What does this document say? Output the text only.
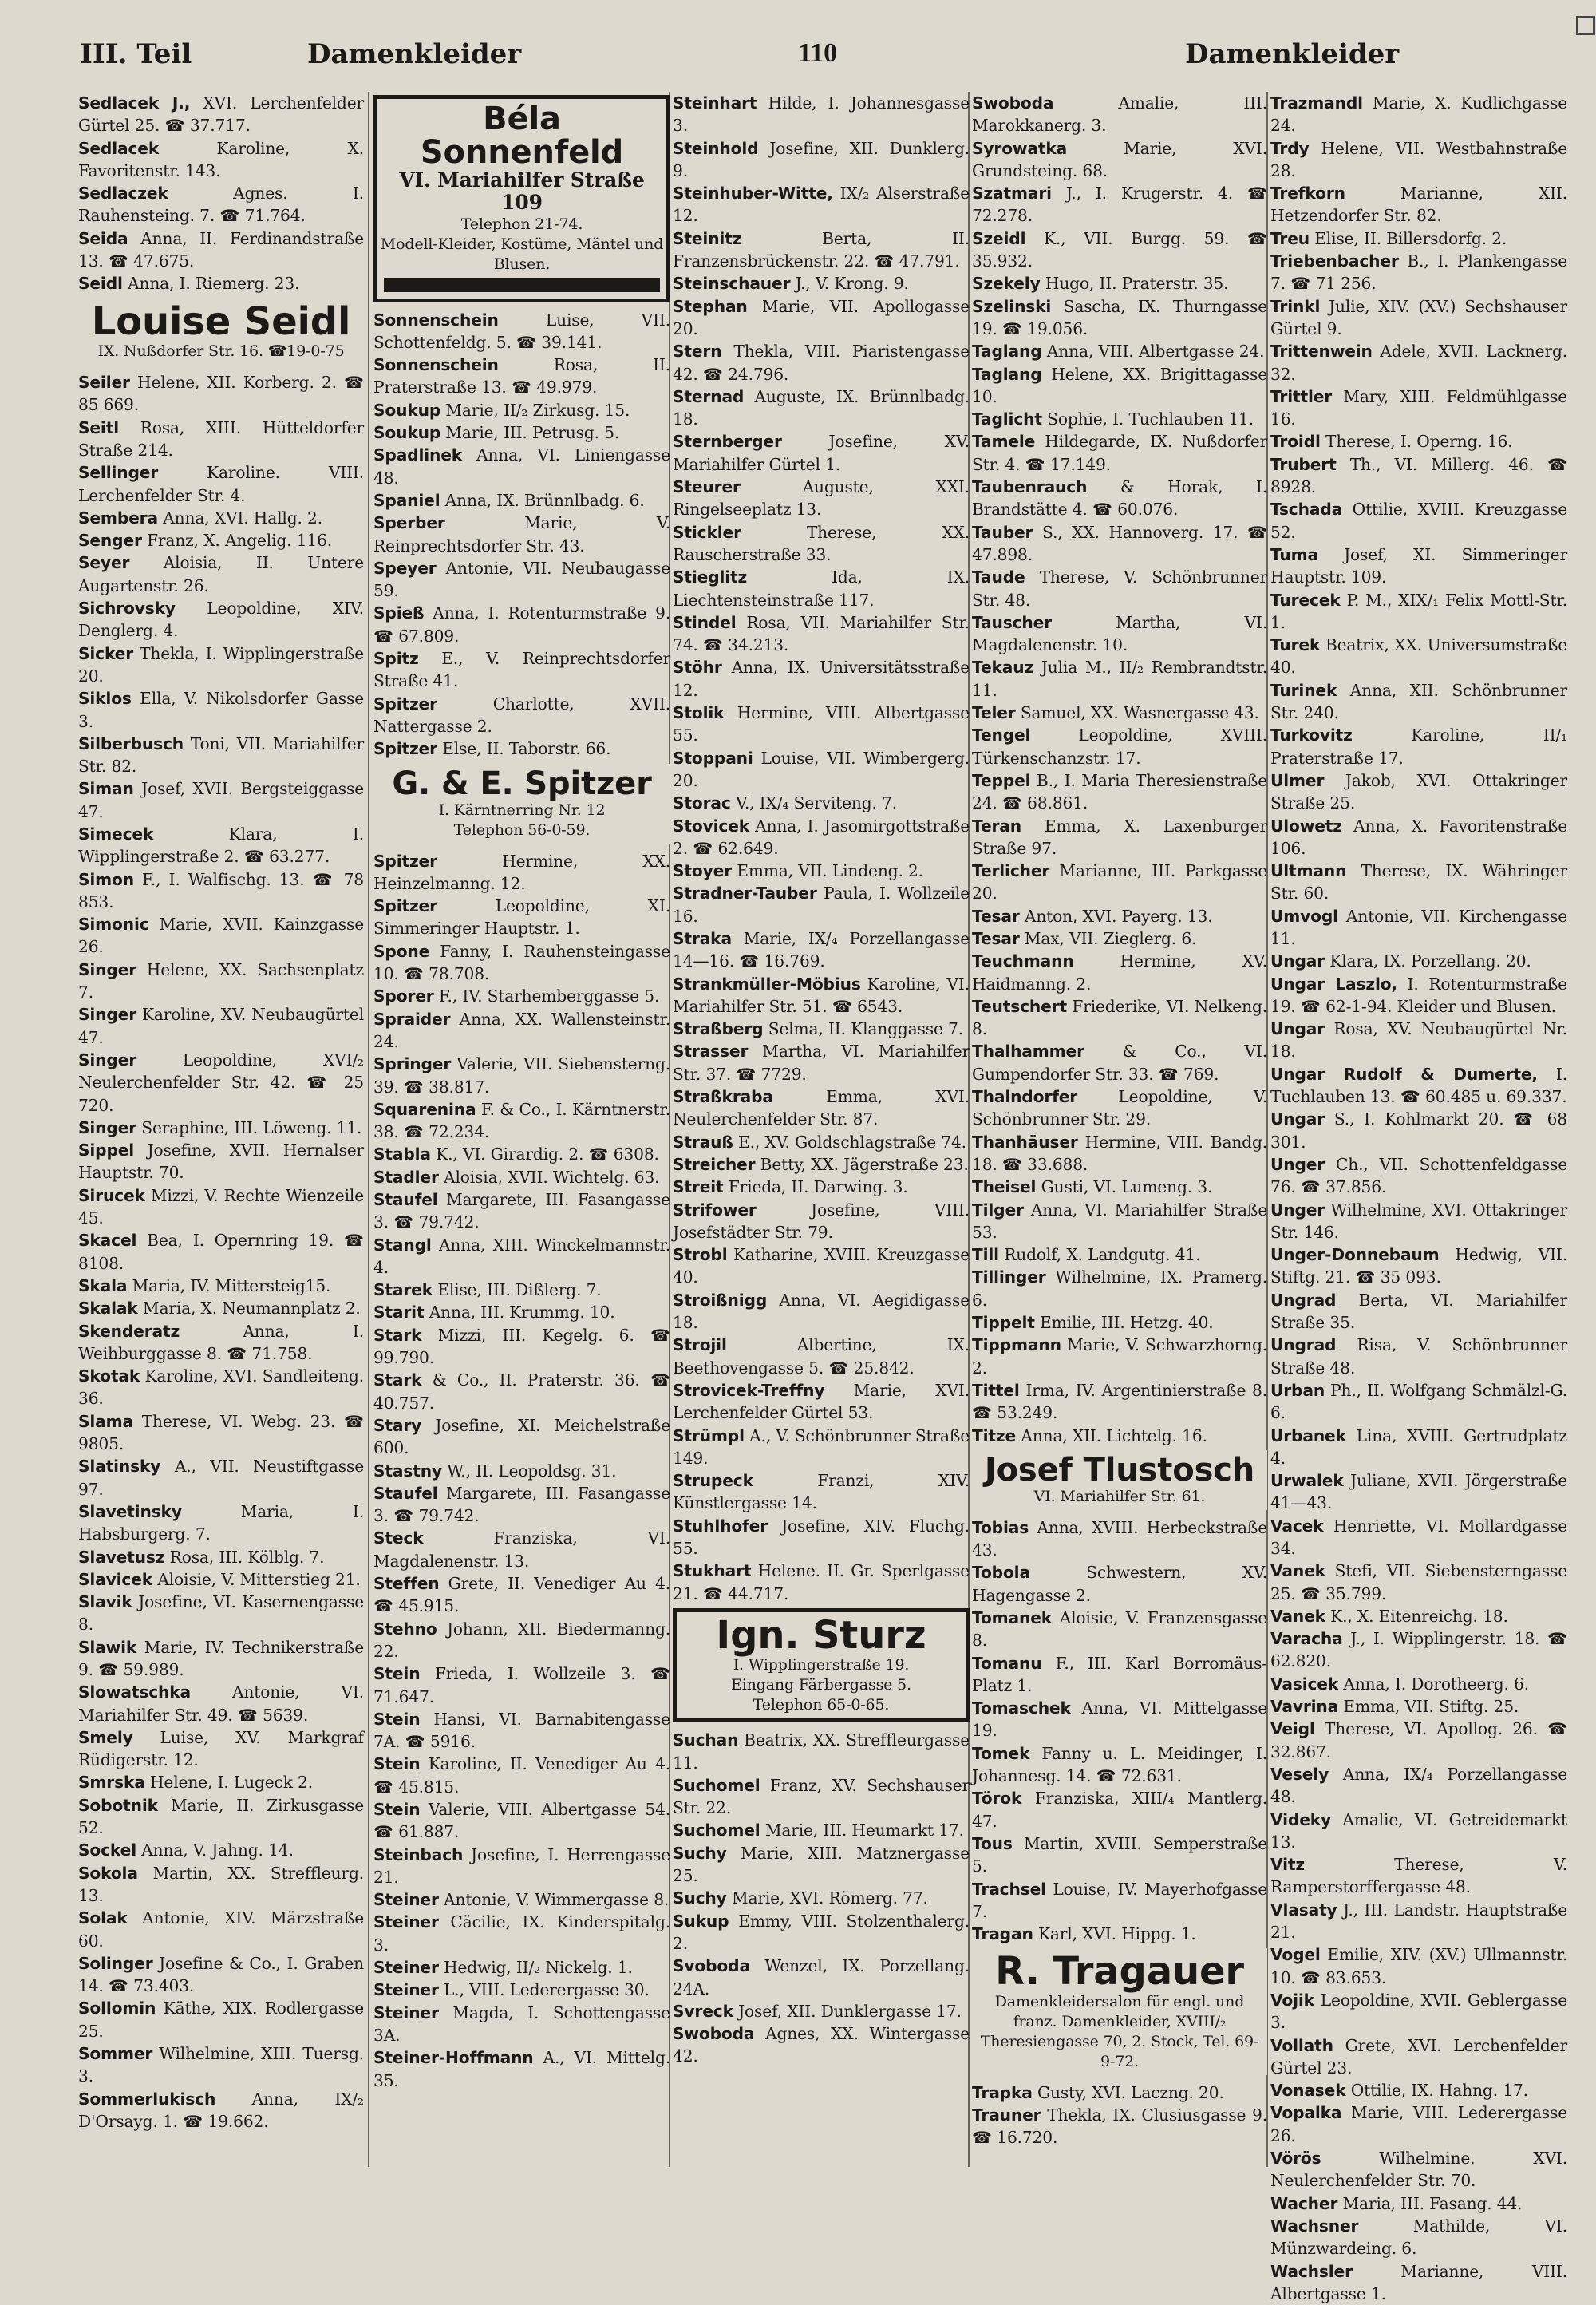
III. Teil	Damenkleider	110	Damenkleider

Sedlacek J., XVI. Lerchenfelder Gürtel 25. ☎ 37.717.

Sedlacek Karoline, X. Favoritenstr. 143.

Sedlaczek Agnes. I. Rauhensteing. 7. ☎ 71.764.

Seida Anna, II. Ferdinandstraße 13. ☎ 47.675.

Seidl Anna, I. Riemerg. 23.

Louise Seidl
IX. Nußdorfer Str. 16. ☎19-0-75

Seiler Helene, XII. Korberg. 2. ☎ 85 669.

Seitl Rosa, XIII. Hütteldorfer Straße 214.

Sellinger Karoline. VIII. Lerchenfelder Str. 4.

Sembera Anna, XVI. Hallg. 2.

Senger Franz, X. Angelig. 116.

Seyer Aloisia, II. Untere Augartenstr. 26.

Sichrovsky Leopoldine, XIV. Denglerg. 4.

Sicker Thekla, I. Wipplingerstraße 20.

Siklos Ella, V. Nikolsdorfer Gasse 3.

Silberbusch Toni, VII. Mariahilfer Str. 82.

Siman Josef, XVII. Bergsteiggasse 47.

Simecek Klara, I. Wipplingerstraße 2. ☎ 63.277.

Simon F., I. Walfischg. 13. ☎ 78 853.

Simonic Marie, XVII. Kainzgasse 26.

Singer Helene, XX. Sachsenplatz 7.

Singer Karoline, XV. Neubaugürtel 47.

Singer Leopoldine, XVI/₂ Neulerchenfelder Str. 42. ☎ 25 720.

Singer Seraphine, III. Löweng. 11.

Sippel Josefine, XVII. Hernalser Hauptstr. 70.

Sirucek Mizzi, V. Rechte Wienzeile 45.

Skacel Bea, I. Opernring 19. ☎ 8108.

Skala Maria, IV. Mittersteig15.

Skalak Maria, X. Neumannplatz 2.

Skenderatz Anna, I. Weihburggasse 8. ☎ 71.758.

Skotak Karoline, XVI. Sandleiteng. 36.

Slama Therese, VI. Webg. 23. ☎ 9805.

Slatinsky A., VII. Neustiftgasse 97.

Slavetinsky Maria, I. Habsburgerg. 7.

Slavetusz Rosa, III. Kölblg. 7.

Slavicek Aloisie, V. Mitterstieg 21.

Slavik Josefine, VI. Kasernengasse 8.

Slawik Marie, IV. Technikerstraße 9. ☎ 59.989.

Slowatschka Antonie, VI. Mariahilfer Str. 49. ☎ 5639.

Smely Luise, XV. Markgraf Rüdigerstr. 12.

Smrska Helene, I. Lugeck 2.

Sobotnik Marie, II. Zirkusgasse 52.

Sockel Anna, V. Jahng. 14.

Sokola Martin, XX. Streffleurg. 13.

Solak Antonie, XIV. Märzstraße 60.

Solinger Josefine & Co., I. Graben 14. ☎ 73.403.

Sollomin Käthe, XIX. Rodlergasse 25.

Sommer Wilhelmine, XIII. Tuersg. 3.

Sommerlukisch Anna, IX/₂ D'Orsayg. 1. ☎ 19.662.

Béla Sonnenfeld
VI. Mariahilfer Straße 109
Telephon 21-74.
Modell-Kleider, Kostüme, Mäntel und Blusen.

Sonnenschein Luise, VII. Schottenfeldg. 5. ☎ 39.141.

Sonnenschein Rosa, II. Praterstraße 13. ☎ 49.979.

Soukup Marie, II/₂ Zirkusg. 15.

Soukup Marie, III. Petrusg. 5.

Spadlinek Anna, VI. Liniengasse 48.

Spaniel Anna, IX. Brünnlbadg. 6.

Sperber Marie, V. Reinprechtsdorfer Str. 43.

Speyer Antonie, VII. Neubaugasse 59.

Spieß Anna, I. Rotenturmstraße 9. ☎ 67.809.

Spitz E., V. Reinprechtsdorfer Straße 41.

Spitzer Charlotte, XVII. Nattergasse 2.

Spitzer Else, II. Taborstr. 66.

G. & E. Spitzer
I. Kärntnerring Nr. 12
Telephon 56-0-59.

Spitzer Hermine, XX. Heinzelmanng. 12.

Spitzer Leopoldine, XI. Simmeringer Hauptstr. 1.

Spone Fanny, I. Rauhensteingasse 10. ☎ 78.708.

Sporer F., IV. Starhemberggasse 5.

Spraider Anna, XX. Wallensteinstr. 24.

Springer Valerie, VII. Siebensterng. 39. ☎ 38.817.

Squarenina F. & Co., I. Kärntnerstr. 38. ☎ 72.234.

Stabla K., VI. Girardig. 2. ☎ 6308.

Stadler Aloisia, XVII. Wichtelg. 63.

Staufel Margarete, III. Fasangasse 3. ☎ 79.742.

Stangl Anna, XIII. Winckelmannstr. 4.

Starek Elise, III. Dißlerg. 7.

Starit Anna, III. Krummg. 10.

Stark Mizzi, III. Kegelg. 6. ☎ 99.790.

Stark & Co., II. Praterstr. 36. ☎ 40.757.

Stary Josefine, XI. Meichelstraße 600.

Stastny W., II. Leopoldsg. 31.

Staufel Margarete, III. Fasangasse 3. ☎ 79.742.

Steck Franziska, VI. Magdalenenstr. 13.

Steffen Grete, II. Venediger Au 4. ☎ 45.915.

Stehno Johann, XII. Biedermanng. 22.

Stein Frieda, I. Wollzeile 3. ☎ 71.647.

Stein Hansi, VI. Barnabitengasse 7A. ☎ 5916.

Stein Karoline, II. Venediger Au 4. ☎ 45.815.

Stein Valerie, VIII. Albertgasse 54. ☎ 61.887.

Steinbach Josefine, I. Herrengasse 21.

Steiner Antonie, V. Wimmergasse 8.

Steiner Cäcilie, IX. Kinderspitalg. 3.

Steiner Hedwig, II/₂ Nickelg. 1.

Steiner L., VIII. Lederergasse 30.

Steiner Magda, I. Schottengasse 3A.

Steiner-Hoffmann A., VI. Mittelg. 35.

Steinhart Hilde, I. Johannesgasse 3.

Steinhold Josefine, XII. Dunklerg. 9.

Steinhuber-Witte, IX/₂ Alserstraße 12.

Steinitz Berta, II. Franzensbrückenstr. 22. ☎ 47.791.

Steinschauer J., V. Krong. 9.

Stephan Marie, VII. Apollogasse 20.

Stern Thekla, VIII. Piaristengasse 42. ☎ 24.796.

Sternad Auguste, IX. Brünnlbadg. 18.

Sternberger Josefine, XV. Mariahilfer Gürtel 1.

Steurer Auguste, XXI. Ringelseeplatz 13.

Stickler Therese, XX. Rauscherstraße 33.

Stieglitz Ida, IX. Liechtensteinstraße 117.

Stindel Rosa, VII. Mariahilfer Str. 74. ☎ 34.213.

Stöhr Anna, IX. Universitätsstraße 12.

Stolik Hermine, VIII. Albertgasse 55.

Stoppani Louise, VII. Wimbergerg. 20.

Storac V., IX/₄ Serviteng. 7.

Stovicek Anna, I. Jasomirgottstraße 2. ☎ 62.649.

Stoyer Emma, VII. Lindeng. 2.

Stradner-Tauber Paula, I. Wollzeile 16.

Straka Marie, IX/₄ Porzellangasse 14—16. ☎ 16.769.

Strankmüller-Möbius Karoline, VI. Mariahilfer Str. 51. ☎ 6543.

Straßberg Selma, II. Klanggasse 7.

Strasser Martha, VI. Mariahilfer Str. 37. ☎ 7729.

Straßkraba Emma, XVI. Neulerchenfelder Str. 87.

Strauß E., XV. Goldschlagstraße 74.

Streicher Betty, XX. Jägerstraße 23.

Streit Frieda, II. Darwing. 3.

Strifower Josefine, VIII. Josefstädter Str. 79.

Strobl Katharine, XVIII. Kreuzgasse 40.

Stroißnigg Anna, VI. Aegidigasse 18.

Strojil Albertine, IX. Beethovengasse 5. ☎ 25.842.

Strovicek-Treffny Marie, XVI. Lerchenfelder Gürtel 53.

Strümpl A., V. Schönbrunner Straße 149.

Strupeck Franzi, XIV. Künstlergasse 14.

Stuhlhofer Josefine, XIV. Fluchg. 55.

Stukhart Helene. II. Gr. Sperlgasse 21. ☎ 44.717.

Ign. Sturz
I. Wipplingerstraße 19.
Eingang Färbergasse 5.
Telephon 65-0-65.

Suchan Beatrix, XX. Streffleurgasse 11.

Suchomel Franz, XV. Sechshauser Str. 22.

Suchomel Marie, III. Heumarkt 17.

Suchy Marie, XIII. Matznergasse 25.

Suchy Marie, XVI. Römerg. 77.

Sukup Emmy, VIII. Stolzenthalerg. 2.

Svoboda Wenzel, IX. Porzellang. 24A.

Svreck Josef, XII. Dunklergasse 17.

Swoboda Agnes, XX. Wintergasse 42.

Swoboda Amalie, III. Marokkanerg. 3.

Syrowatka Marie, XVI. Grundsteing. 68.

Szatmari J., I. Krugerstr. 4. ☎ 72.278.

Szeidl K., VII. Burgg. 59. ☎ 35.932.

Szekely Hugo, II. Praterstr. 35.

Szelinski Sascha, IX. Thurngasse 19. ☎ 19.056.

Taglang Anna, VIII. Albertgasse 24.

Taglang Helene, XX. Brigittagasse 10.

Taglicht Sophie, I. Tuchlauben 11.

Tamele Hildegarde, IX. Nußdorfer Str. 4. ☎ 17.149.

Taubenrauch & Horak, I. Brandstätte 4. ☎ 60.076.

Tauber S., XX. Hannoverg. 17. ☎ 47.898.

Taude Therese, V. Schönbrunner Str. 48.

Tauscher Martha, VI. Magdalenenstr. 10.

Tekauz Julia M., II/₂ Rembrandtstr. 11.

Teler Samuel, XX. Wasnergasse 43.

Tengel Leopoldine, XVIII. Türkenschanzstr. 17.

Teppel B., I. Maria Theresienstraße 24. ☎ 68.861.

Teran Emma, X. Laxenburger Straße 97.

Terlicher Marianne, III. Parkgasse 20.

Tesar Anton, XVI. Payerg. 13.

Tesar Max, VII. Zieglerg. 6.

Teuchmann Hermine, XV. Haidmanng. 2.

Teutschert Friederike, VI. Nelkeng. 8.

Thalhammer & Co., VI. Gumpendorfer Str. 33. ☎ 769.

Thalndorfer Leopoldine, V. Schönbrunner Str. 29.

Thanhäuser Hermine, VIII. Bandg. 18. ☎ 33.688.

Theisel Gusti, VI. Lumeng. 3.

Tilger Anna, VI. Mariahilfer Straße 53.

Till Rudolf, X. Landgutg. 41.

Tillinger Wilhelmine, IX. Pramerg. 6.

Tippelt Emilie, III. Hetzg. 40.

Tippmann Marie, V. Schwarzhorng. 2.

Tittel Irma, IV. Argentinierstraße 8. ☎ 53.249.

Titze Anna, XII. Lichtelg. 16.

Josef Tlustosch
VI. Mariahilfer Str. 61.

Tobias Anna, XVIII. Herbeckstraße 43.

Tobola Schwestern, XV. Hagengasse 2.

Tomanek Aloisie, V. Franzensgasse 8.

Tomanu F., III. Karl Borromäus-Platz 1.

Tomaschek Anna, VI. Mittelgasse 19.

Tomek Fanny u. L. Meidinger, I. Johannesg. 14. ☎ 72.631.

Törok Franziska, XIII/₄ Mantlerg. 47.

Tous Martin, XVIII. Semperstraße 5.

Trachsel Louise, IV. Mayerhofgasse 7.

Tragan Karl, XVI. Hippg. 1.

R. Tragauer
Damenkleidersalon für engl. und franz. Damenkleider, XVIII/₂ Theresiengasse 70, 2. Stock, Tel. 69-9-72.

Trapka Gusty, XVI. Laczng. 20.

Trauner Thekla, IX. Clusiusgasse 9. ☎ 16.720.

Trazmandl Marie, X. Kudlichgasse 24.

Trdy Helene, VII. Westbahnstraße 28.

Trefkorn Marianne, XII. Hetzendorfer Str. 82.

Treu Elise, II. Billersdorfg. 2.

Triebenbacher B., I. Plankengasse 7. ☎ 71 256.

Trinkl Julie, XIV. (XV.) Sechshauser Gürtel 9.

Trittenwein Adele, XVII. Lacknerg. 32.

Trittler Mary, XIII. Feldmühlgasse 16.

Troidl Therese, I. Operng. 16.

Trubert Th., VI. Millerg. 46. ☎ 8928.

Tschada Ottilie, XVIII. Kreuzgasse 52.

Tuma Josef, XI. Simmeringer Hauptstr. 109.

Turecek P. M., XIX/₁ Felix Mottl-Str. 1.

Turek Beatrix, XX. Universumstraße 40.

Turinek Anna, XII. Schönbrunner Str. 240.

Turkovitz Karoline, II/₁ Praterstraße 17.

Ulmer Jakob, XVI. Ottakringer Straße 25.

Ulowetz Anna, X. Favoritenstraße 106.

Ultmann Therese, IX. Währinger Str. 60.

Umvogl Antonie, VII. Kirchengasse 11.

Ungar Klara, IX. Porzellang. 20.

Ungar Laszlo, I. Rotenturmstraße 19. ☎ 62-1-94. Kleider und Blusen.

Ungar Rosa, XV. Neubaugürtel Nr. 18.

Ungar Rudolf & Dumerte, I. Tuchlauben 13. ☎ 60.485 u. 69.337.

Ungar S., I. Kohlmarkt 20. ☎ 68 301.

Unger Ch., VII. Schottenfeldgasse 76. ☎ 37.856.

Unger Wilhelmine, XVI. Ottakringer Str. 146.

Unger-Donnebaum Hedwig, VII. Stiftg. 21. ☎ 35 093.

Ungrad Berta, VI. Mariahilfer Straße 35.

Ungrad Risa, V. Schönbrunner Straße 48.

Urban Ph., II. Wolfgang Schmälzl-G. 6.

Urbanek Lina, XVIII. Gertrudplatz 4.

Urwalek Juliane, XVII. Jörgerstraße 41—43.

Vacek Henriette, VI. Mollardgasse 34.

Vanek Stefi, VII. Siebensterngasse 25. ☎ 35.799.

Vanek K., X. Eitenreichg. 18.

Varacha J., I. Wipplingerstr. 18. ☎ 62.820.

Vasicek Anna, I. Dorotheerg. 6.

Vavrina Emma, VII. Stiftg. 25.

Veigl Therese, VI. Apollog. 26. ☎ 32.867.

Vesely Anna, IX/₄ Porzellangasse 48.

Videky Amalie, VI. Getreidemarkt 13.

Vitz Therese, V. Ramperstorffergasse 48.

Vlasaty J., III. Landstr. Hauptstraße 21.

Vogel Emilie, XIV. (XV.) Ullmannstr. 10. ☎ 83.653.

Vojik Leopoldine, XVII. Geblergasse 3.

Vollath Grete, XVI. Lerchenfelder Gürtel 23.

Vonasek Ottilie, IX. Hahng. 17.

Vopalka Marie, VIII. Lederergasse 26.

Vörös Wilhelmine. XVI. Neulerchenfelder Str. 70.

Wacher Maria, III. Fasang. 44.

Wachsner Mathilde, VI. Münzwardeing. 6.

Wachsler Marianne, VIII. Albertgasse 1.
